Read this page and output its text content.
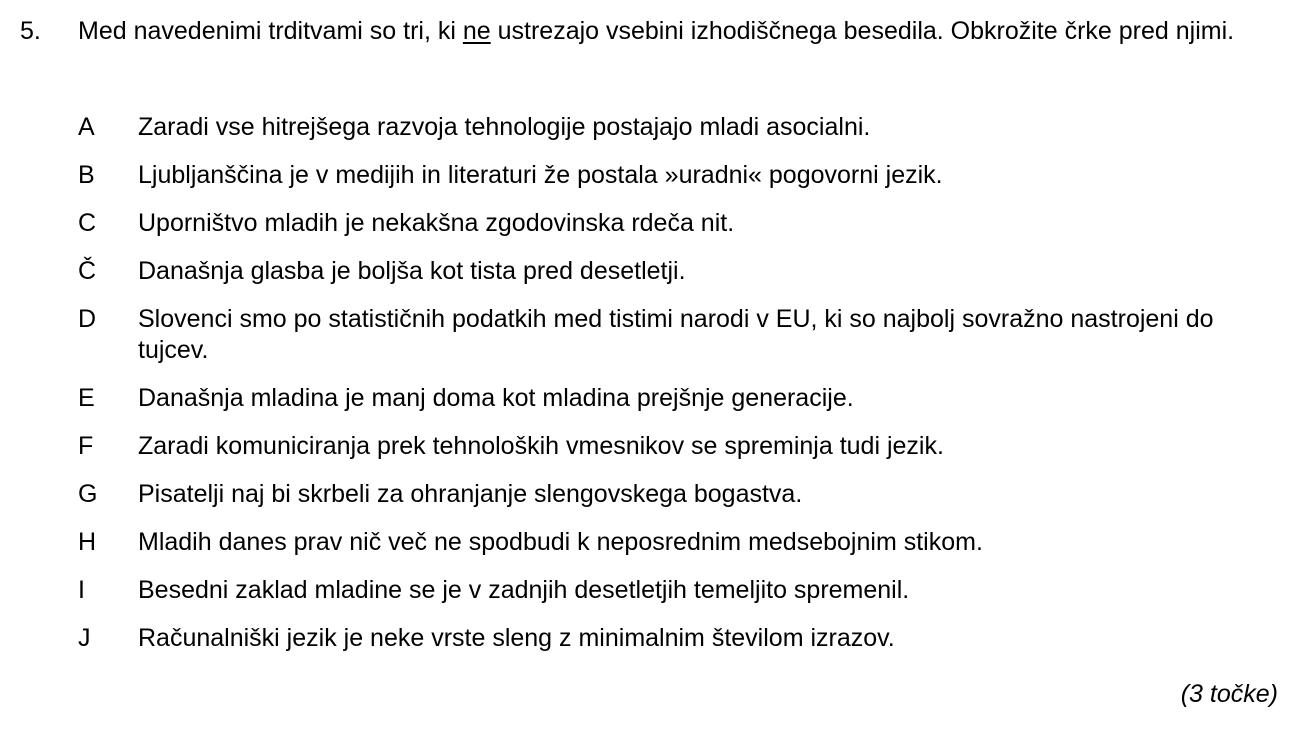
5. Med navedenimi trditvami so tri, ki ne ustrezajo vsebini izhodiščnega besedila. Obkrožite črke pred njimi.
A Zaradi vse hitrejšega razvoja tehnologije postajajo mladi asocialni.
B Ljubljanščina je v medijih in literaturi že postala »uradni« pogovorni jezik.
C Uporništvo mladih je nekakšna zgodovinska rdeča nit.
Č Današnja glasba je boljša kot tista pred desetletji.
D Slovenci smo po statističnih podatkih med tistimi narodi v EU, ki so najbolj sovražno nastrojeni do tujcev.
E Današnja mladina je manj doma kot mladina prejšnje generacije.
F Zaradi komuniciranja prek tehnoloških vmesnikov se spreminja tudi jezik.
G Pisatelji naj bi skrbeli za ohranjanje slengovskega bogastva.
H Mladih danes prav nič več ne spodbudi k neposrednim medsebojnim stikom.
I Besedni zaklad mladine se je v zadnjih desetletjih temeljito spremenil.
J Računalniški jezik je neke vrste sleng z minimalnim številom izrazov.
(3 točke)
